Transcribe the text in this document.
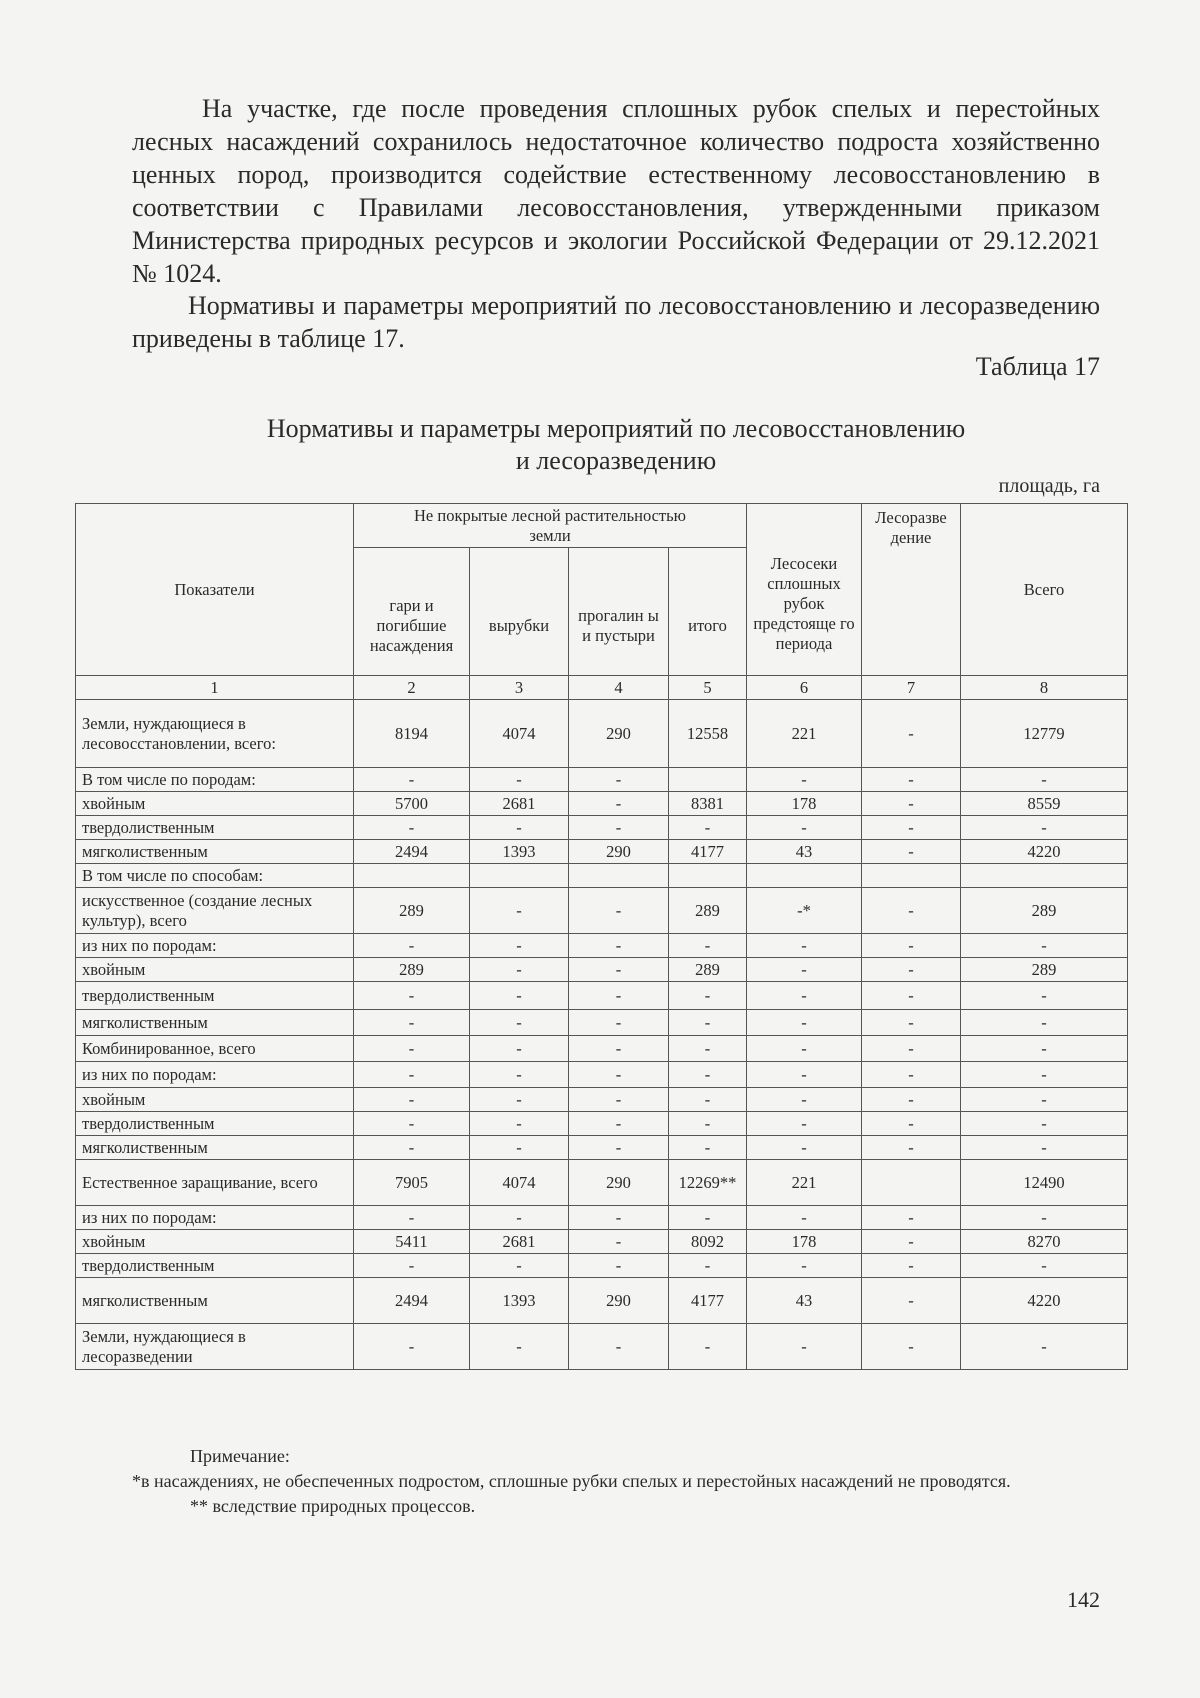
На участке, где после проведения сплошных рубок спелых и перестойных лесных насаждений сохранилось недостаточное количество подроста хозяйственно ценных пород, производится содействие естественному лесовосстановлению в соответствии с Правилами лесовосстановления, утвержденными приказом Министерства природных ресурсов и экологии Российской Федерации от 29.12.2021 № 1024.

Нормативы и параметры мероприятий по лесовосстановлению и лесоразведению приведены в таблице 17.

Таблица 17
Нормативы и параметры мероприятий по лесовосстановлению
и лесоразведению
площадь, га
Показатели	Не покрытые лесной растительностью земли				Лесосеки сплошных рубок предстояще го периода	Лесоразве дение	Всего
	гари и погибшие насаждения	вырубки	прогалин ы и пустыри	итого			
1	2	3	4	5	6	7	8
Земли, нуждающиеся в лесовосстановлении, всего:	8194	4074	290	12558	221	-	12779
В том числе по породам:	-	-	-		-	-	-
хвойным	5700	2681	-	8381	178	-	8559
твердолиственным	-	-	-	-	-	-	-
мягколиственным	2494	1393	290	4177	43	-	4220
В том числе по способам:							
искусственное (создание лесных культур), всего	289	-	-	289	-*	-	289
из них по породам:	-	-	-	-	-	-	-
хвойным	289	-	-	289	-	-	289
твердолиственным	-	-	-	-	-	-	-
мягколиственным	-	-	-	-	-	-	-
Комбинированное, всего	-	-	-	-	-	-	-
из них по породам:	-	-	-	-	-	-	-
хвойным	-	-	-	-	-	-	-
твердолиственным	-	-	-	-	-	-	-
мягколиственным	-	-	-	-	-	-	-
Естественное заращивание, всего	7905	4074	290	12269**	221		12490
из них по породам:	-	-	-	-	-	-	-
хвойным	5411	2681	-	8092	178	-	8270
твердолиственным	-	-	-	-	-	-	-
мягколиственным	2494	1393	290	4177	43	-	4220
Земли, нуждающиеся в лесоразведении	-	-	-	-	-	-	-
Примечание:
*в насаждениях, не обеспеченных подростом, сплошные рубки спелых и перестойных насаждений не проводятся.
** вследствие природных процессов.
142
